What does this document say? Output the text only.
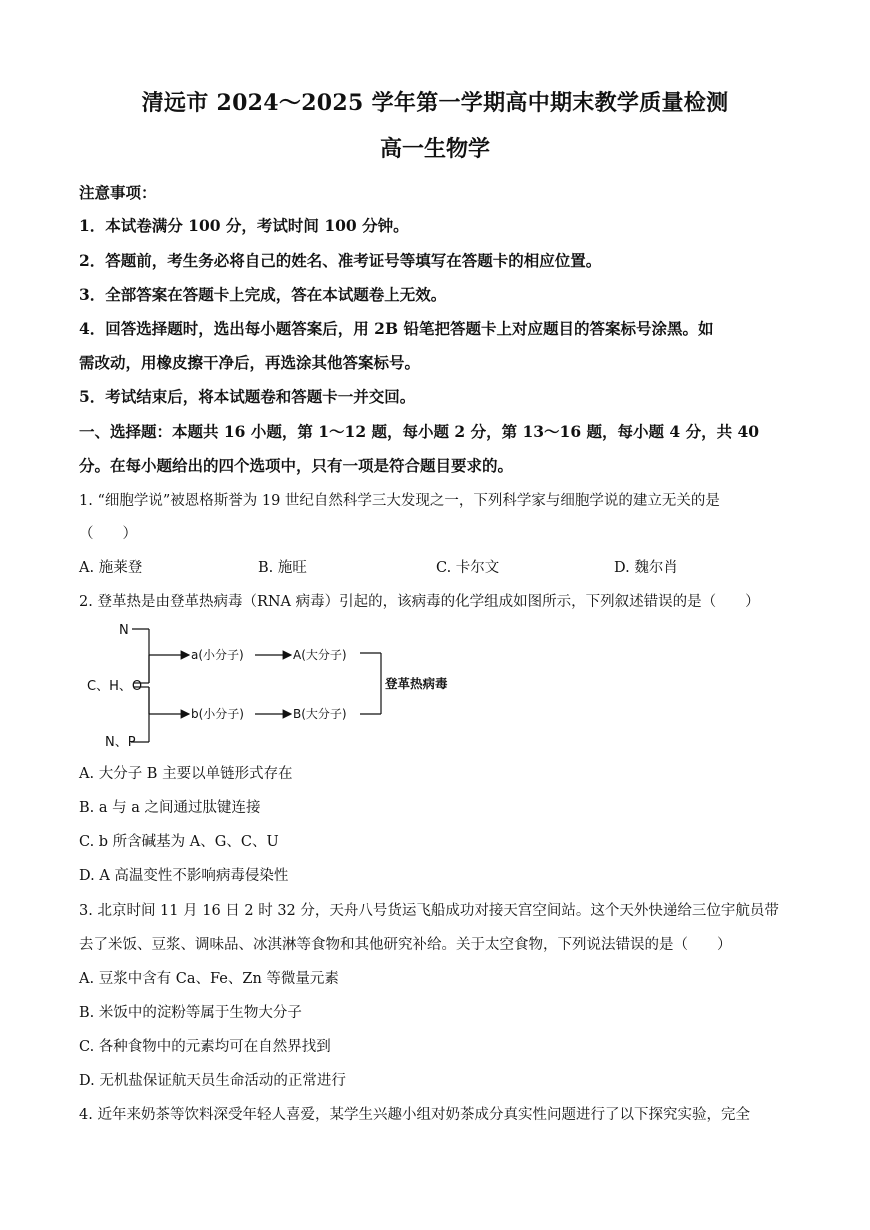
清远市 2024～2025 学年第一学期高中期末教学质量检测
高一生物学
注意事项：
1．本试卷满分 100 分，考试时间 100 分钟。
2．答题前，考生务必将自己的姓名、准考证号等填写在答题卡的相应位置。
3．全部答案在答题卡上完成，答在本试题卷上无效。
4．回答选择题时，选出每小题答案后，用 2B 铅笔把答题卡上对应题目的答案标号涂黑。如
需改动，用橡皮擦干净后，再选涂其他答案标号。
5．考试结束后，将本试题卷和答题卡一并交回。
一、选择题：本题共 16 小题，第 1～12 题，每小题 2 分，第 13～16 题，每小题 4 分，共 40
分。在每小题给出的四个选项中，只有一项是符合题目要求的。
1. “细胞学说”被恩格斯誉为 19 世纪自然科学三大发现之一，下列科学家与细胞学说的建立无关的是
（　　）
A. 施莱登	B. 施旺	C. 卡尔文	D. 魏尔肖
2. 登革热是由登革热病毒（RNA 病毒）引起的，该病毒的化学组成如图所示，下列叙述错误的是（　　）
N
C、H、O
N、P
a(小分子)	A(大分子)
b(小分子)	B(大分子)
登革热病毒
A. 大分子 B 主要以单链形式存在
B. a 与 a 之间通过肽键连接
C. b 所含碱基为 A、G、C、U
D. A 高温变性不影响病毒侵染性
3. 北京时间 11 月 16 日 2 时 32 分，天舟八号货运飞船成功对接天宫空间站。这个天外快递给三位宇航员带
去了米饭、豆浆、调味品、冰淇淋等食物和其他研究补给。关于太空食物，下列说法错误的是（　　）
A. 豆浆中含有 Ca、Fe、Zn 等微量元素
B. 米饭中的淀粉等属于生物大分子
C. 各种食物中的元素均可在自然界找到
D. 无机盐保证航天员生命活动的正常进行
4. 近年来奶茶等饮料深受年轻人喜爱，某学生兴趣小组对奶茶成分真实性问题进行了以下探究实验，完全
